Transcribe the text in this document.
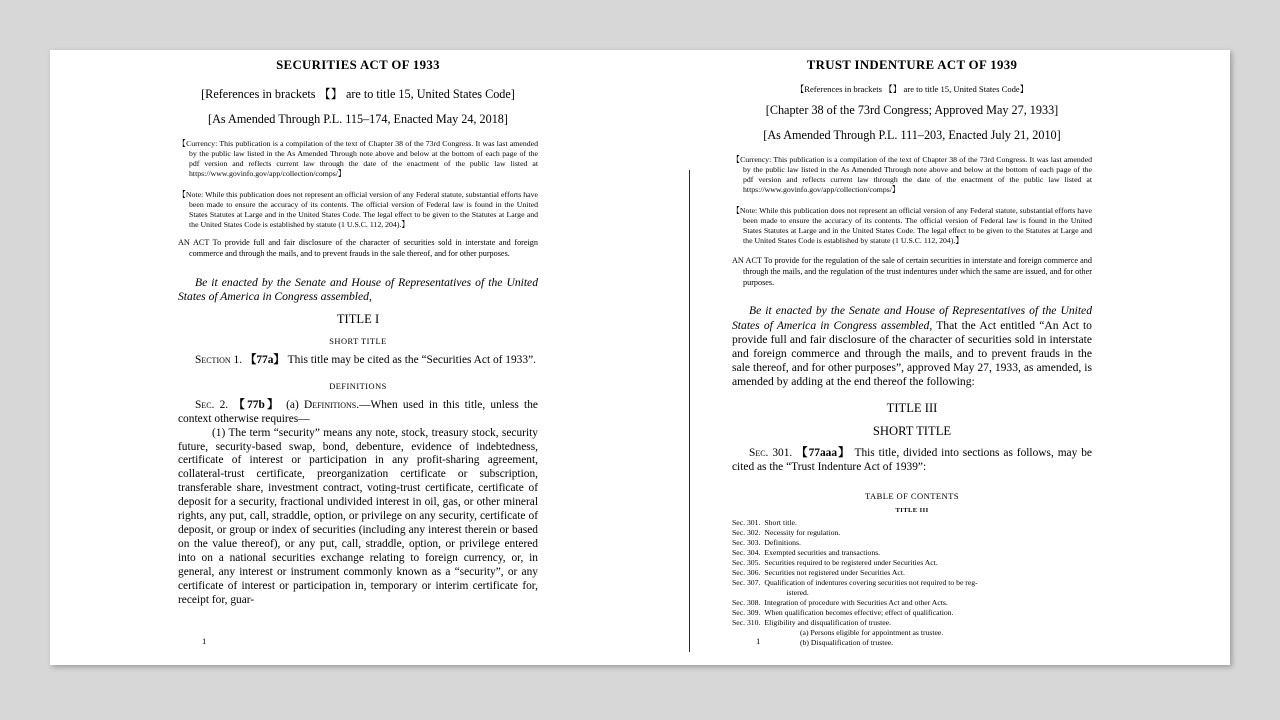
SECURITIES ACT OF 1933
[References in brackets 【】 are to title 15, United States Code]
[As Amended Through P.L. 115–174, Enacted May 24, 2018]
【Currency: This publication is a compilation of the text of Chapter 38 of the 73rd Congress. It was last amended by the public law listed in the As Amended Through note above and below at the bottom of each page of the pdf version and reflects current law through the date of the enactment of the public law listed at https://www.govinfo.gov/app/collection/comps/】
【Note: While this publication does not represent an official version of any Federal statute, substantial efforts have been made to ensure the accuracy of its contents. The official version of Federal law is found in the United States Statutes at Large and in the United States Code. The legal effect to be given to the Statutes at Large and the United States Code is established by statute (1 U.S.C. 112, 204).】
AN ACT To provide full and fair disclosure of the character of securities sold in interstate and foreign commerce and through the mails, and to prevent frauds in the sale thereof, and for other purposes.
Be it enacted by the Senate and House of Representatives of the United States of America in Congress assembled,
TITLE I
SHORT TITLE
Section 1. 【77a】 This title may be cited as the “Securities Act of 1933”.
DEFINITIONS
Sec. 2. 【77b】 (a) Definitions.—When used in this title, unless the context otherwise requires—
(1) The term “security” means any note, stock, treasury stock, security future, security-based swap, bond, debenture, evidence of indebtedness, certificate of interest or participation in any profit-sharing agreement, collateral-trust certificate, preorganization certificate or subscription, transferable share, investment contract, voting-trust certificate, certificate of deposit for a security, fractional undivided interest in oil, gas, or other mineral rights, any put, call, straddle, option, or privilege on any security, certificate of deposit, or group or index of securities (including any interest therein or based on the value thereof), or any put, call, straddle, option, or privilege entered into on a national securities exchange relating to foreign currency, or, in general, any interest or instrument commonly known as a “security”, or any certificate of interest or participation in, temporary or interim certificate for, receipt for, guar-
1
TRUST INDENTURE ACT OF 1939
【References in brackets 【】 are to title 15, United States Code】
[Chapter 38 of the 73rd Congress; Approved May 27, 1933]
[As Amended Through P.L. 111–203, Enacted July 21, 2010]
【Currency: This publication is a compilation of the text of Chapter 38 of the 73rd Congress. It was last amended by the public law listed in the As Amended Through note above and below at the bottom of each page of the pdf version and reflects current law through the date of the enactment of the public law listed at https://www.govinfo.gov/app/collection/comps/】
【Note: While this publication does not represent an official version of any Federal statute, substantial efforts have been made to ensure the accuracy of its contents. The official version of Federal law is found in the United States Statutes at Large and in the United States Code. The legal effect to be given to the Statutes at Large and the United States Code is established by statute (1 U.S.C. 112, 204).】
AN ACT To provide for the regulation of the sale of certain securities in interstate and foreign commerce and through the mails, and the regulation of the trust indentures under which the same are issued, and for other purposes.
Be it enacted by the Senate and House of Representatives of the United States of America in Congress assembled, That the Act entitled “An Act to provide full and fair disclosure of the character of securities sold in interstate and foreign commerce and through the mails, and to prevent frauds in the sale thereof, and for other purposes”, approved May 27, 1933, as amended, is amended by adding at the end thereof the following:
TITLE III
SHORT TITLE
Sec. 301. 【77aaa】 This title, divided into sections as follows, may be cited as the “Trust Indenture Act of 1939”:
TABLE OF CONTENTS
TITLE III
Sec. 301. Short title.
Sec. 302. Necessity for regulation.
Sec. 303. Definitions.
Sec. 304. Exempted securities and transactions.
Sec. 305. Securities required to be registered under Securities Act.
Sec. 306. Securities not registered under Securities Act.
Sec. 307. Qualification of indentures covering securities not required to be reg-
istered.
Sec. 308. Integration of procedure with Securities Act and other Acts.
Sec. 309. When qualification becomes effective; effect of qualification.
Sec. 310. Eligibility and disqualification of trustee.
(a) Persons eligible for appointment as trustee.
(b) Disqualification of trustee.
1
